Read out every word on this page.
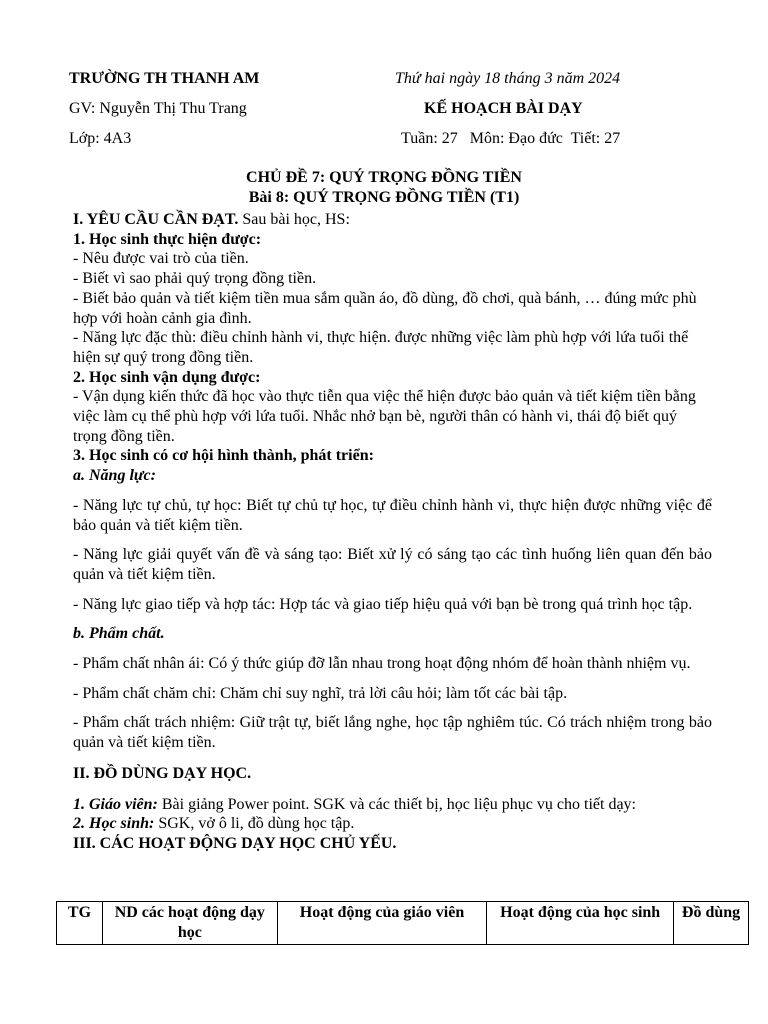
TRƯỜNG TH THANH AM	Thứ hai ngày 18 tháng 3 năm 2024
GV: Nguyễn Thị Thu Trang	KẾ HOẠCH BÀI DẠY
Lớp: 4A3	Tuần: 27   Môn: Đạo đức  Tiết: 27
CHỦ ĐỀ 7: QUÝ TRỌNG ĐỒNG TIỀN
Bài 8: QUÝ TRỌNG ĐỒNG TIỀN (T1)

I. YÊU CẦU CẦN ĐẠT. Sau bài học, HS:

1. Học sinh thực hiện được:

- Nêu được vai trò của tiền.

- Biết vì sao phải quý trọng đồng tiền.

- Biết bảo quản và tiết kiệm tiền mua sắm quần áo, đồ dùng, đồ chơi, quà bánh, … đúng mức phù hợp với hoàn cảnh gia đình.

- Năng lực đặc thù: điều chỉnh hành vi, thực hiện. được những việc làm phù hợp với lứa tuổi thể hiện sự quý trong đồng tiền.

2. Học sinh vận dụng được:

- Vận dụng kiến thức đã học vào thực tiễn qua việc thể hiện được bảo quản và tiết kiệm tiền bằng việc làm cụ thể phù hợp với lứa tuổi. Nhắc nhở bạn bè, người thân có hành vi, thái độ biết quý trọng đồng tiền.

3. Học sinh có cơ hội hình thành, phát triển:

a. Năng lực:

- Năng lực tự chủ, tự học: Biết tự chủ tự học, tự điều chỉnh hành vi, thực hiện được những việc để bảo quản và tiết kiệm tiền.

- Năng lực giải quyết vấn đề và sáng tạo: Biết xử lý có sáng tạo các tình huống liên quan đến bảo quản và tiết kiệm tiền.

- Năng lực giao tiếp và hợp tác: Hợp tác và giao tiếp hiệu quả với bạn bè trong quá trình học tập.

b. Phẩm chất.

- Phẩm chất nhân ái: Có ý thức giúp đỡ lẫn nhau trong hoạt động nhóm để hoàn thành nhiệm vụ.

- Phẩm chất chăm chỉ: Chăm chỉ suy nghĩ, trả lời câu hỏi; làm tốt các bài tập.

- Phẩm chất trách nhiệm: Giữ trật tự, biết lắng nghe, học tập nghiêm túc. Có trách nhiệm trong bảo quản và tiết kiệm tiền.

II. ĐỒ DÙNG DẠY HỌC.

1. Giáo viên: Bài giảng Power point. SGK và các thiết bị, học liệu phục vụ cho tiết dạy:

2. Học sinh: SGK, vở ô li, đồ dùng học tập.

III. CÁC HOẠT ĐỘNG DẠY HỌC CHỦ YẾU.

TG	ND các hoạt động dạy học	Hoạt động của giáo viên	Hoạt động của học sinh	Đồ dùng
